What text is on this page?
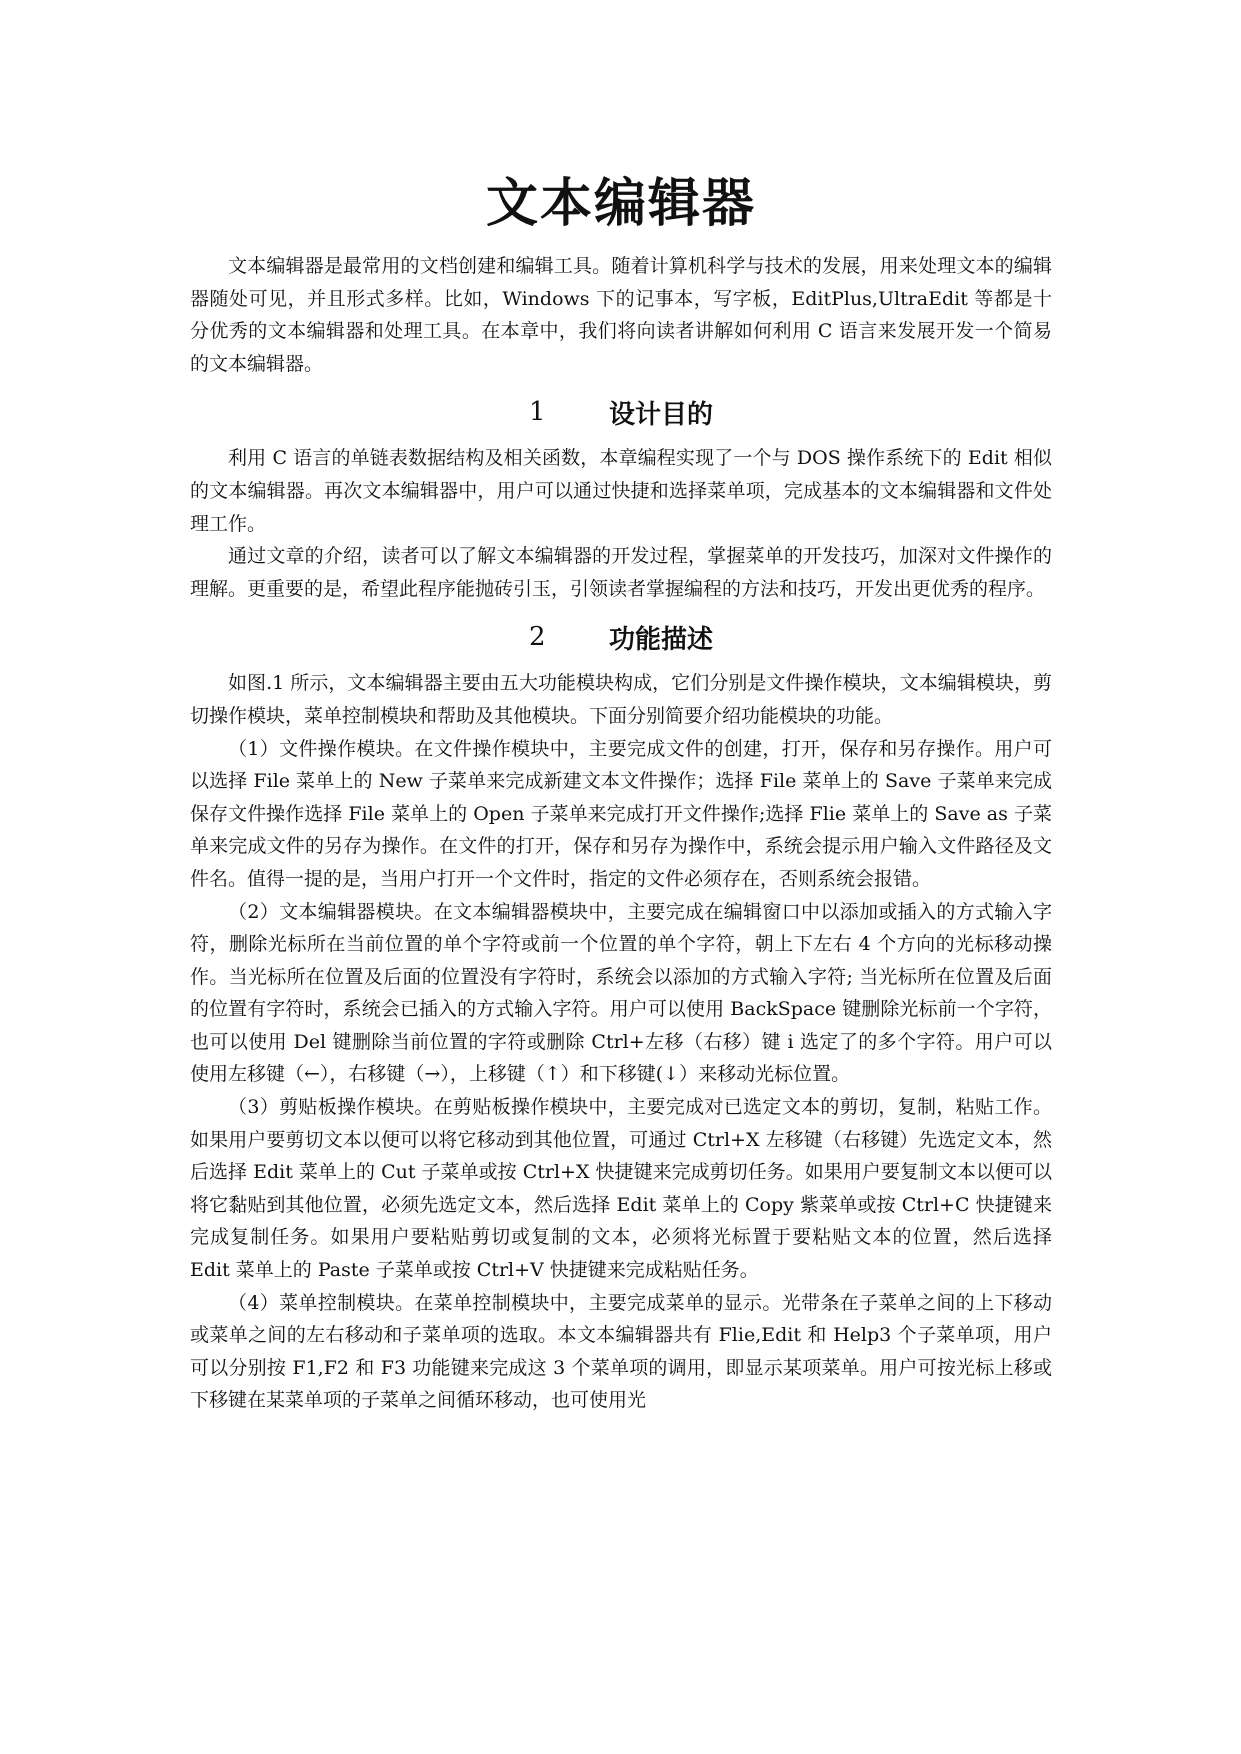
文本编辑器

文本编辑器是最常用的文档创建和编辑工具。随着计算机科学与技术的发展，用来处理文本的编辑器随处可见，并且形式多样。比如，Windows 下的记事本，写字板，EditPlus,UltraEdit 等都是十分优秀的文本编辑器和处理工具。在本章中，我们将向读者讲解如何利用 C 语言来发展开发一个简易的文本编辑器。

1	设计目的

利用 C 语言的单链表数据结构及相关函数，本章编程实现了一个与 DOS 操作系统下的 Edit 相似的文本编辑器。再次文本编辑器中，用户可以通过快捷和选择菜单项，完成基本的文本编辑器和文件处理工作。

通过文章的介绍，读者可以了解文本编辑器的开发过程，掌握菜单的开发技巧，加深对文件操作的理解。更重要的是，希望此程序能抛砖引玉，引领读者掌握编程的方法和技巧，开发出更优秀的程序。

2	功能描述

如图.1 所示，文本编辑器主要由五大功能模块构成，它们分别是文件操作模块，文本编辑模块，剪切操作模块，菜单控制模块和帮助及其他模块。下面分别简要介绍功能模块的功能。

（1）文件操作模块。在文件操作模块中，主要完成文件的创建，打开，保存和另存操作。用户可以选择 File 菜单上的 New 子菜单来完成新建文本文件操作；选择 File 菜单上的 Save 子菜单来完成保存文件操作选择 File 菜单上的 Open 子菜单来完成打开文件操作;选择 Flie 菜单上的 Save as 子菜单来完成文件的另存为操作。在文件的打开，保存和另存为操作中，系统会提示用户输入文件路径及文件名。值得一提的是，当用户打开一个文件时，指定的文件必须存在，否则系统会报错。

（2）文本编辑器模块。在文本编辑器模块中，主要完成在编辑窗口中以添加或插入的方式输入字符，删除光标所在当前位置的单个字符或前一个位置的单个字符，朝上下左右 4 个方向的光标移动操作。当光标所在位置及后面的位置没有字符时，系统会以添加的方式输入字符; 当光标所在位置及后面的位置有字符时，系统会已插入的方式输入字符。用户可以使用 BackSpace 键删除光标前一个字符，也可以使用 Del 键删除当前位置的字符或删除 Ctrl+左移（右移）键 i 选定了的多个字符。用户可以使用左移键（←），右移键（→），上移键（↑）和下移键(↓）来移动光标位置。

（3）剪贴板操作模块。在剪贴板操作模块中，主要完成对已选定文本的剪切，复制，粘贴工作。如果用户要剪切文本以便可以将它移动到其他位置，可通过 Ctrl+X 左移键（右移键）先选定文本，然后选择 Edit 菜单上的 Cut 子菜单或按 Ctrl+X 快捷键来完成剪切任务。如果用户要复制文本以便可以将它黏贴到其他位置，必须先选定文本，然后选择 Edit 菜单上的 Copy 紫菜单或按 Ctrl+C 快捷键来完成复制任务。如果用户要粘贴剪切或复制的文本，必须将光标置于要粘贴文本的位置，然后选择 Edit 菜单上的 Paste 子菜单或按 Ctrl+V 快捷键来完成粘贴任务。

（4）菜单控制模块。在菜单控制模块中，主要完成菜单的显示。光带条在子菜单之间的上下移动或菜单之间的左右移动和子菜单项的选取。本文本编辑器共有 Flie,Edit 和 Help3 个子菜单项，用户可以分别按 F1,F2 和 F3 功能键来完成这 3 个菜单项的调用，即显示某项菜单。用户可按光标上移或下移键在某菜单项的子菜单之间循环移动，也可使用光
